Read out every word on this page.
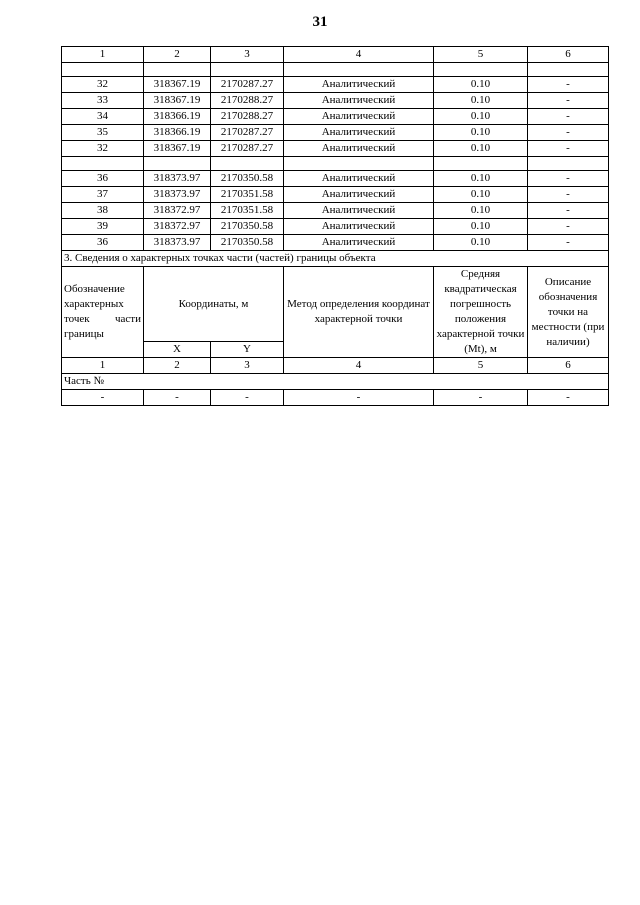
31
1	2	3	4	5	6

32	318367.19	2170287.27	Аналитический	0.10	-
33	318367.19	2170288.27	Аналитический	0.10	-
34	318366.19	2170288.27	Аналитический	0.10	-
35	318366.19	2170287.27	Аналитический	0.10	-
32	318367.19	2170287.27	Аналитический	0.10	-

36	318373.97	2170350.58	Аналитический	0.10	-
37	318373.97	2170351.58	Аналитический	0.10	-
38	318372.97	2170351.58	Аналитический	0.10	-
39	318372.97	2170350.58	Аналитический	0.10	-
36	318373.97	2170350.58	Аналитический	0.10	-
3. Сведения о характерных точках части (частей) границы объекта					
Обозначение характерных точек части границы	Координаты, м		Метод определения координат характерной точки	Средняя квадратическая погрешность положения характерной точки (Mt), м	Описание обозначения точки на местности (при наличии)
	X	Y			
1	2	3	4	5	6
Часть №					
-	-	-	-	-	-
